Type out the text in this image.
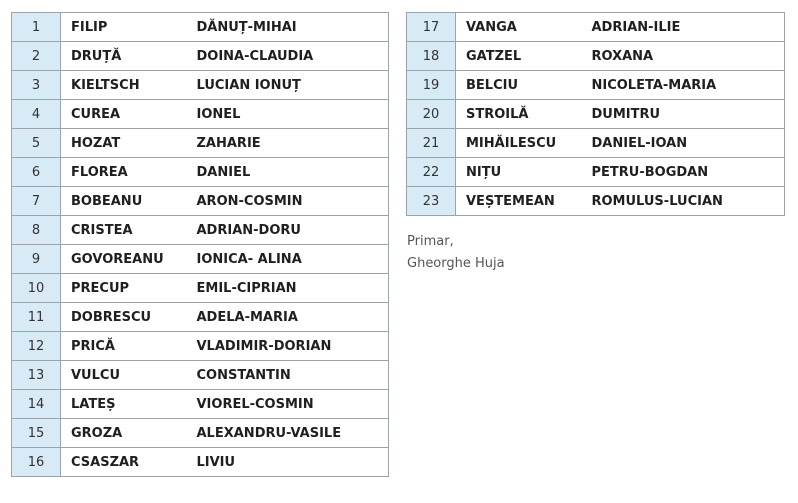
1	FILIP	DĂNUȚ-MIHAI
2	DRUȚĂ	DOINA-CLAUDIA
3	KIELTSCH	LUCIAN IONUȚ
4	CUREA	IONEL
5	HOZAT	ZAHARIE
6	FLOREA	DANIEL
7	BOBEANU	ARON-COSMIN
8	CRISTEA	ADRIAN-DORU
9	GOVOREANU	IONICA- ALINA
10	PRECUP	EMIL-CIPRIAN
11	DOBRESCU	ADELA-MARIA
12	PRICĂ	VLADIMIR-DORIAN
13	VULCU	CONSTANTIN
14	LATEȘ	VIOREL-COSMIN
15	GROZA	ALEXANDRU-VASILE
16	CSASZAR	LIVIU
17	VANGA	ADRIAN-ILIE
18	GATZEL	ROXANA
19	BELCIU	NICOLETA-MARIA
20	STROILĂ	DUMITRU
21	MIHĂILESCU	DANIEL-IOAN
22	NIȚU	PETRU-BOGDAN
23	VEȘTEMEAN	ROMULUS-LUCIAN
Primar,
Gheorghe Huja
